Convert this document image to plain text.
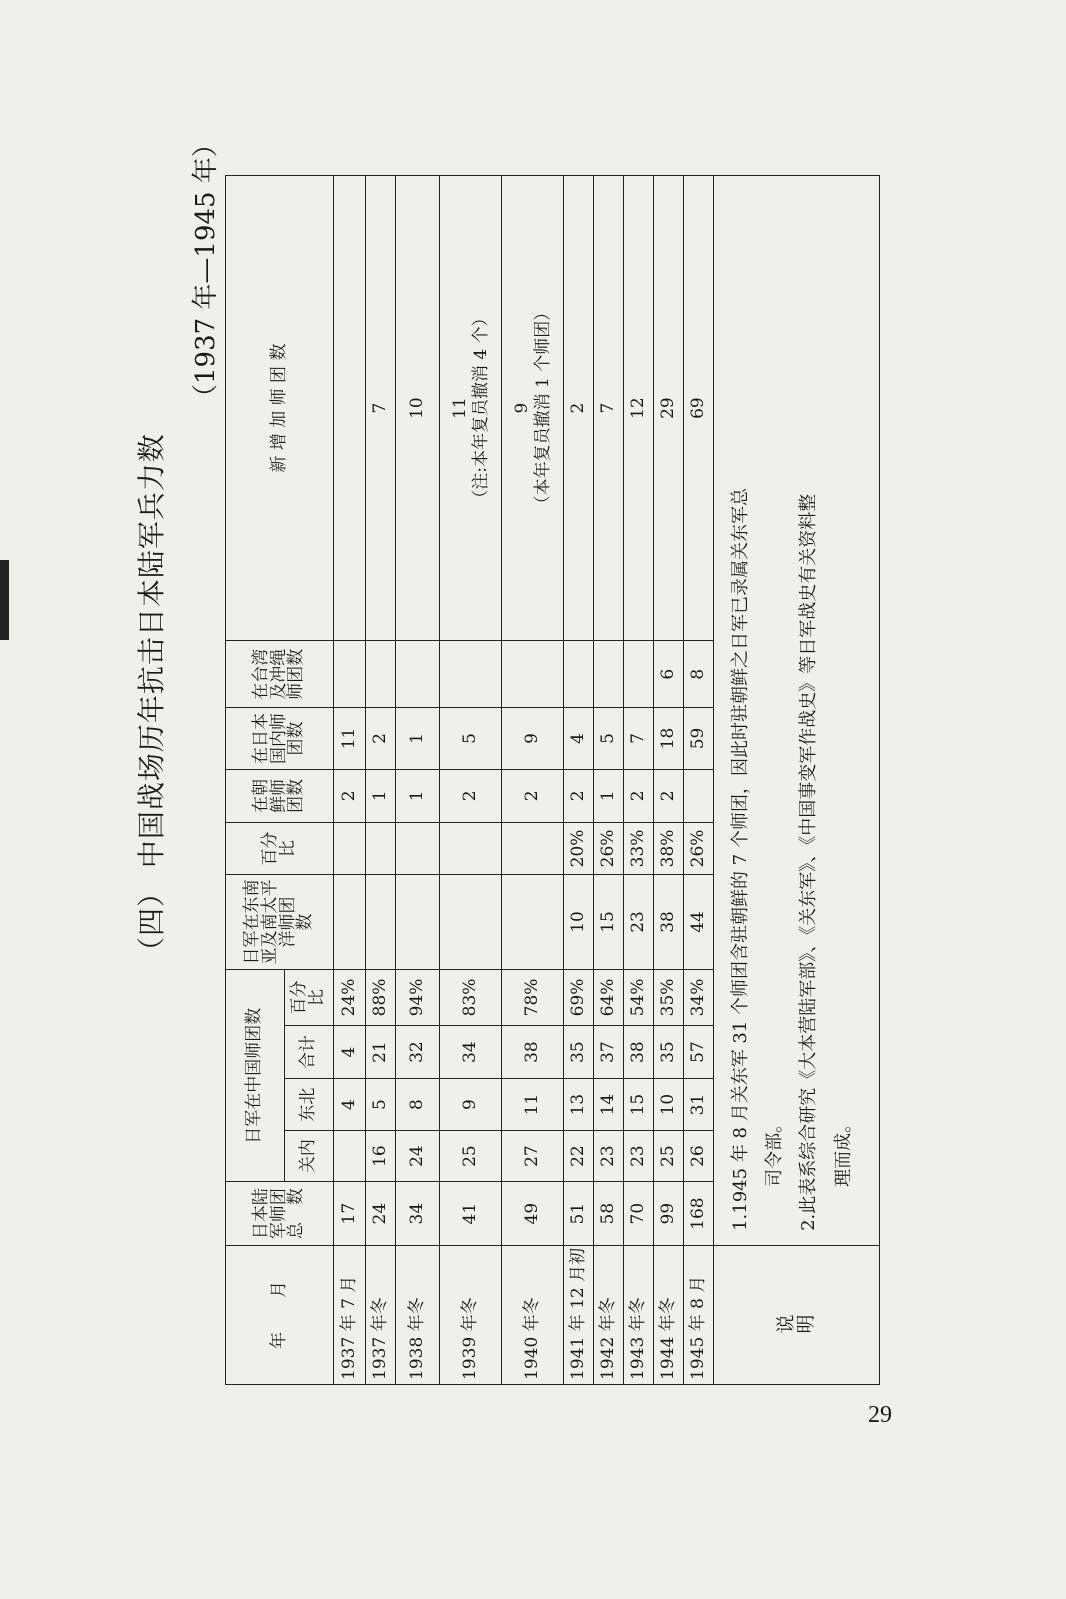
（四） 中国战场历年抗击日本陆军兵力数
（1937 年—1945 年）
年　　月	日本陆军师团总　数	日军在中国师团数				日军在东南亚及南太平洋师团　　数	百分比	在朝鲜师团数	在日本国内师团数	在台湾及冲绳师团数	新 增 加 师 团 数
		关内	东北	合计	百分比						
1937 年 7 月	17		4	4	24%			2	11		
1937 年冬	24	16	5	21	88%			1	2		7
1938 年冬	34	24	8	32	94%			1	1		10
1939 年冬	41	25	9	34	83%			2	5		11
（注:本年复员撤消 4 个）
1940 年冬	49	27	11	38	78%			2	9		9
（本年复员撤消 1 个师团）
1941 年 12 月初	51	22	13	35	69%	10	20%	2	4		2
1942 年冬	58	23	14	37	64%	15	26%	1	5		7
1943 年冬	70	23	15	38	54%	23	33%	2	7		12
1944 年冬	99	25	10	35	35%	38	38%	2	18	6	29
1945 年 8 月	168	26	31	57	34%	44	26%		59	8	69
说　　明	1.1945 年 8 月关东军 31 个师团含驻朝鲜的 7 个师团，因此时驻朝鲜之日军已录属关东军总 司令部。 2.此表系综合研究《大本营陆军部》、《关东军》、《中国事变军作战史》等日军战史有关资料整 理而成。										

29
